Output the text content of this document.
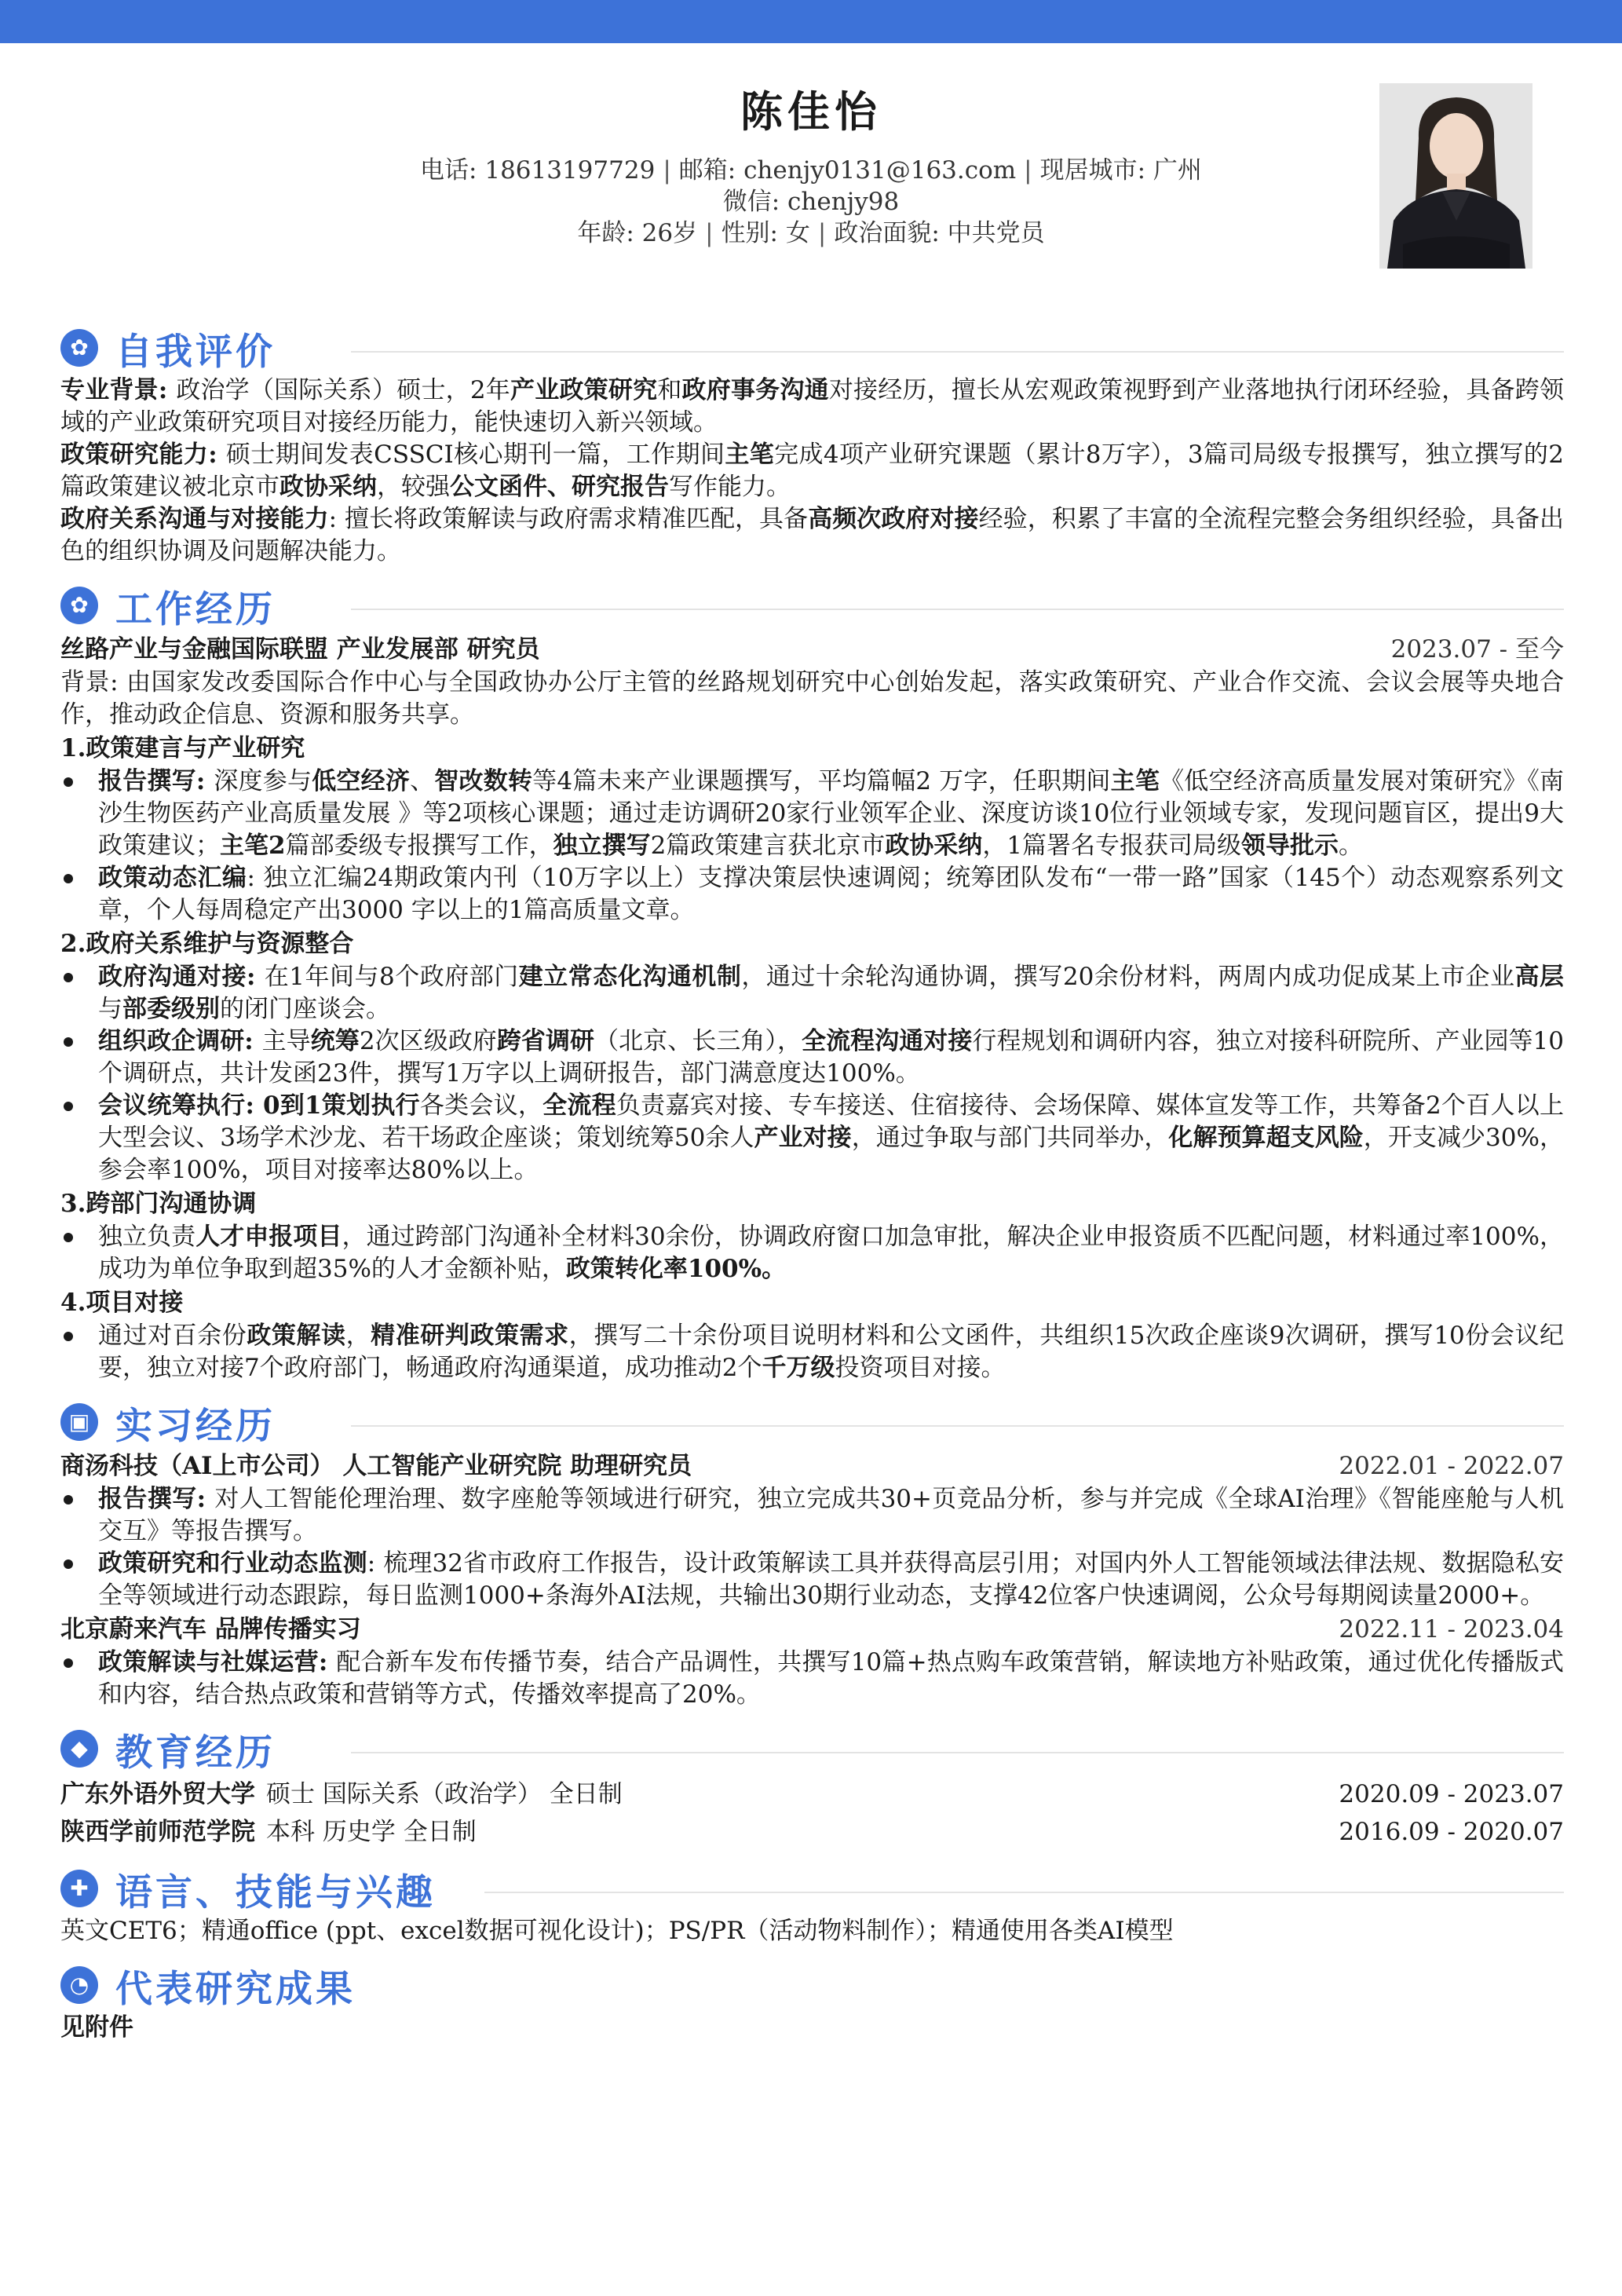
陈佳怡
电话: 18613197729 | 邮箱: chenjy0131@163.com | 现居城市: 广州
微信: chenjy98
年龄: 26岁 | 性别: 女 | 政治面貌: 中共党员
✿ 自我评价

专业背景: 政治学（国际关系）硕士，2年产业政策研究和政府事务沟通对接经历，擅长从宏观政策视野到产业落地执行闭环经验，具备跨领域的产业政策研究项目对接经历能力，能快速切入新兴领域。

政策研究能力: 硕士期间发表CSSCI核心期刊一篇，工作期间主笔完成4项产业研究课题（累计8万字），3篇司局级专报撰写，独立撰写的2篇政策建议被北京市政协采纳，较强公文函件、研究报告写作能力。

政府关系沟通与对接能力: 擅长将政策解读与政府需求精准匹配，具备高频次政府对接经验，积累了丰富的全流程完整会务组织经验，具备出色的组织协调及问题解决能力。

✿ 工作经历
丝路产业与金融国际联盟 产业发展部 研究员	2023.07 - 至今

背景: 由国家发改委国际合作中心与全国政协办公厅主管的丝路规划研究中心创始发起，落实政策研究、产业合作交流、会议会展等央地合作，推动政企信息、资源和服务共享。

1.政策建言与产业研究
报告撰写: 深度参与低空经济、智改数转等4篇未来产业课题撰写，平均篇幅2 万字，任职期间主笔《低空经济高质量发展对策研究》《南沙生物医药产业高质量发展 》等2项核心课题；通过走访调研20家行业领军企业、深度访谈10位行业领域专家，发现问题盲区，提出9大政策建议；主笔2篇部委级专报撰写工作，独立撰写2篇政策建言获北京市政协采纳，1篇署名专报获司局级领导批示。
政策动态汇编: 独立汇编24期政策内刊（10万字以上）支撑决策层快速调阅；统筹团队发布“一带一路”国家（145个）动态观察系列文章，个人每周稳定产出3000 字以上的1篇高质量文章。
2.政府关系维护与资源整合
政府沟通对接: 在1年间与8个政府部门建立常态化沟通机制，通过十余轮沟通协调，撰写20余份材料，两周内成功促成某上市企业高层与部委级别的闭门座谈会。
组织政企调研: 主导统筹2次区级政府跨省调研（北京、长三角），全流程沟通对接行程规划和调研内容，独立对接科研院所、产业园等10个调研点，共计发函23件，撰写1万字以上调研报告，部门满意度达100%。
会议统筹执行: 0到1策划执行各类会议，全流程负责嘉宾对接、专车接送、住宿接待、会场保障、媒体宣发等工作，共筹备2个百人以上大型会议、3场学术沙龙、若干场政企座谈；策划统筹50余人产业对接，通过争取与部门共同举办，化解预算超支风险，开支减少30%，参会率100%，项目对接率达80%以上。
3.跨部门沟通协调
独立负责人才申报项目，通过跨部门沟通补全材料30余份，协调政府窗口加急审批，解决企业申报资质不匹配问题，材料通过率100%，成功为单位争取到超35%的人才金额补贴，政策转化率100%。
4.项目对接
通过对百余份政策解读，精准研判政策需求，撰写二十余份项目说明材料和公文函件，共组织15次政企座谈9次调研，撰写10份会议纪要，独立对接7个政府部门，畅通政府沟通渠道，成功推动2个千万级投资项目对接。
▣ 实习经历
商汤科技（AI上市公司） 人工智能产业研究院 助理研究员	2022.01 - 2022.07
报告撰写: 对人工智能伦理治理、数字座舱等领域进行研究，独立完成共30+页竞品分析，参与并完成《全球AI治理》《智能座舱与人机交互》等报告撰写。
政策研究和行业动态监测: 梳理32省市政府工作报告，设计政策解读工具并获得高层引用；对国内外人工智能领域法律法规、数据隐私安全等领域进行动态跟踪，每日监测1000+条海外AI法规，共输出30期行业动态，支撑42位客户快速调阅，公众号每期阅读量2000+。
北京蔚来汽车 品牌传播实习	2022.11 - 2023.04
政策解读与社媒运营: 配合新车发布传播节奏，结合产品调性，共撰写10篇+热点购车政策营销，解读地方补贴政策，通过优化传播版式和内容，结合热点政策和营销等方式，传播效率提高了20%。
◆ 教育经历
广东外语外贸大学 硕士 国际关系（政治学） 全日制	2020.09 - 2023.07
陕西学前师范学院 本科 历史学 全日制	2016.09 - 2020.07
✚ 语言、技能与兴趣

英文CET6；精通office (ppt、excel数据可视化设计)；PS/PR（活动物料制作）；精通使用各类AI模型

◔ 代表研究成果

见附件
